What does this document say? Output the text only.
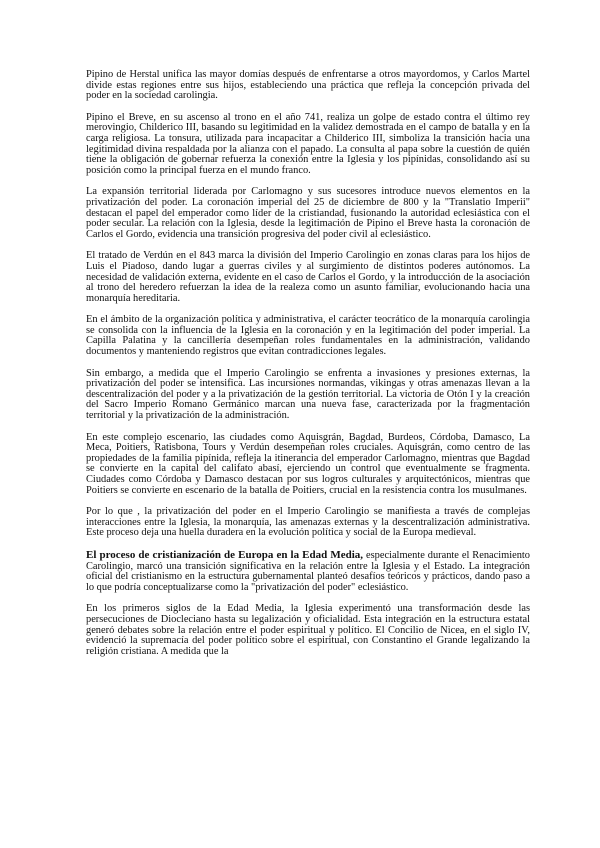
Pipino de Herstal unifica las mayor domías después de enfrentarse a otros mayordomos, y Carlos Martel divide estas regiones entre sus hijos, estableciendo una práctica que refleja la concepción privada del poder en la sociedad carolingia.

Pipino el Breve, en su ascenso al trono en el año 741, realiza un golpe de estado contra el último rey merovingio, Childerico III, basando su legitimidad en la validez demostrada en el campo de batalla y en la carga religiosa. La tonsura, utilizada para incapacitar a Childerico III, simboliza la transición hacia una legitimidad divina respaldada por la alianza con el papado. La consulta al papa sobre la cuestión de quién tiene la obligación de gobernar refuerza la conexión entre la Iglesia y los pipínidas, consolidando así su posición como la principal fuerza en el mundo franco.

La expansión territorial liderada por Carlomagno y sus sucesores introduce nuevos elementos en la privatización del poder. La coronación imperial del 25 de diciembre de 800 y la "Translatio Imperii" destacan el papel del emperador como líder de la cristiandad, fusionando la autoridad eclesiástica con el poder secular. La relación con la Iglesia, desde la legitimación de Pipino el Breve hasta la coronación de Carlos el Gordo, evidencia una transición progresiva del poder civil al eclesiástico.

El tratado de Verdún en el 843 marca la división del Imperio Carolingio en zonas claras para los hijos de Luis el Piadoso, dando lugar a guerras civiles y al surgimiento de distintos poderes autónomos. La necesidad de validación externa, evidente en el caso de Carlos el Gordo, y la introducción de la asociación al trono del heredero refuerzan la idea de la realeza como un asunto familiar, evolucionando hacia una monarquía hereditaria.

En el ámbito de la organización política y administrativa, el carácter teocrático de la monarquía carolingia se consolida con la influencia de la Iglesia en la coronación y en la legitimación del poder imperial. La Capilla Palatina y la cancillería desempeñan roles fundamentales en la administración, validando documentos y manteniendo registros que evitan contradicciones legales.

Sin embargo, a medida que el Imperio Carolingio se enfrenta a invasiones y presiones externas, la privatización del poder se intensifica. Las incursiones normandas, vikingas y otras amenazas llevan a la descentralización del poder y a la privatización de la gestión territorial. La victoria de Otón I y la creación del Sacro Imperio Romano Germánico marcan una nueva fase, caracterizada por la fragmentación territorial y la privatización de la administración.

En este complejo escenario, las ciudades como Aquisgrán, Bagdad, Burdeos, Córdoba, Damasco, La Meca, Poitiers, Ratisbona, Tours y Verdún desempeñan roles cruciales. Aquisgrán, como centro de las propiedades de la familia pipínida, refleja la itinerancia del emperador Carlomagno, mientras que Bagdad se convierte en la capital del califato abasí, ejerciendo un control que eventualmente se fragmenta. Ciudades como Córdoba y Damasco destacan por sus logros culturales y arquitectónicos, mientras que Poitiers se convierte en escenario de la batalla de Poitiers, crucial en la resistencia contra los musulmanes.

Por lo que , la privatización del poder en el Imperio Carolingio se manifiesta a través de complejas interacciones entre la Iglesia, la monarquía, las amenazas externas y la descentralización administrativa. Este proceso deja una huella duradera en la evolución política y social de la Europa medieval.

El proceso de cristianización de Europa en la Edad Media, especialmente durante el Renacimiento Carolingio, marcó una transición significativa en la relación entre la Iglesia y el Estado. La integración oficial del cristianismo en la estructura gubernamental planteó desafíos teóricos y prácticos, dando paso a lo que podría conceptualizarse como la "privatización del poder" eclesiástico.

En los primeros siglos de la Edad Media, la Iglesia experimentó una transformación desde las persecuciones de Diocleciano hasta su legalización y oficialidad. Esta integración en la estructura estatal generó debates sobre la relación entre el poder espiritual y político. El Concilio de Nicea, en el siglo IV, evidenció la supremacía del poder político sobre el espiritual, con Constantino el Grande legalizando la religión cristiana. A medida que la
